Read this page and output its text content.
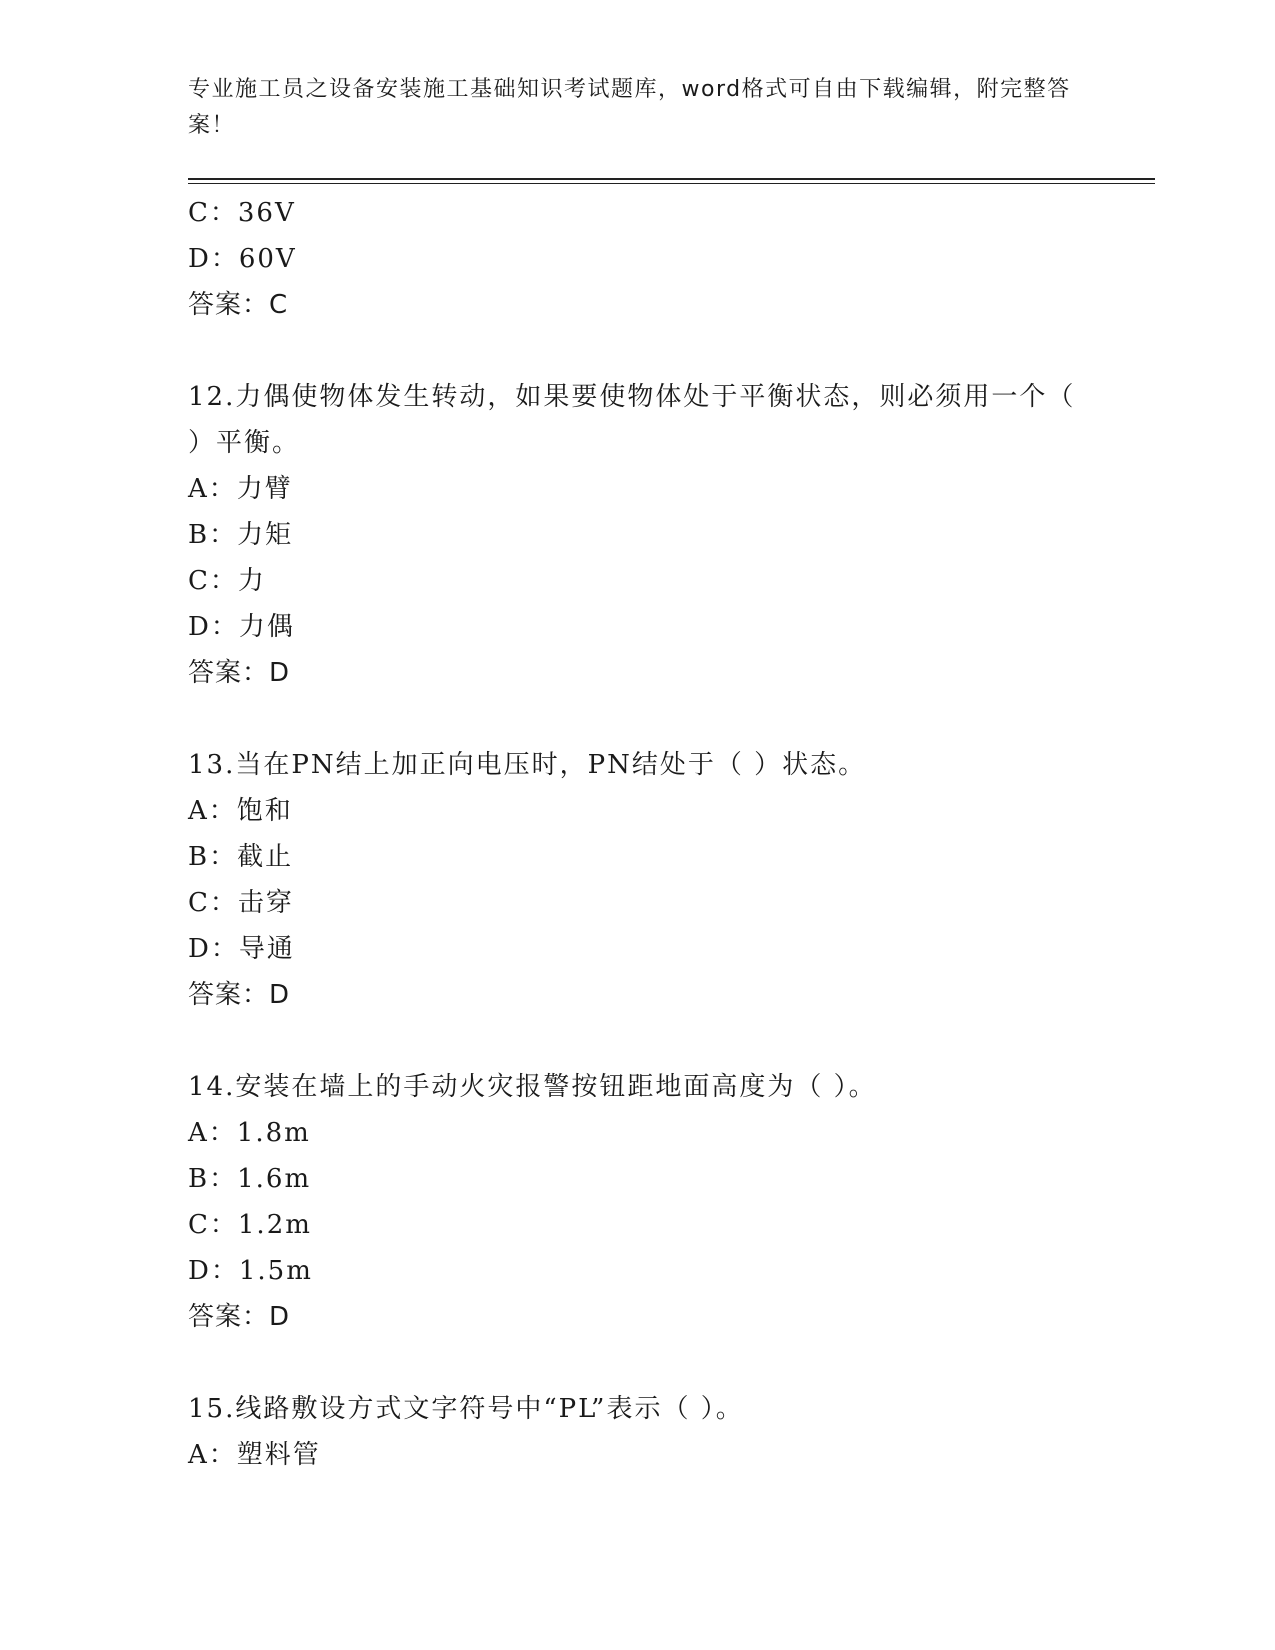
专业施工员之设备安装施工基础知识考试题库，word格式可自由下载编辑，附完整答案！
C：36V
D：60V
答案：C
12.力偶使物体发生转动，如果要使物体处于平衡状态，则必须用一个（ ）平衡。
A：力臂
B：力矩
C：力
D：力偶
答案：D
13.当在PN结上加正向电压时，PN结处于（ ）状态。
A：饱和
B：截止
C：击穿
D：导通
答案：D
14.安装在墙上的手动火灾报警按钮距地面高度为（ ）。
A：1.8m
B：1.6m
C：1.2m
D：1.5m
答案：D
15.线路敷设方式文字符号中“PL”表示（ ）。
A：塑料管
